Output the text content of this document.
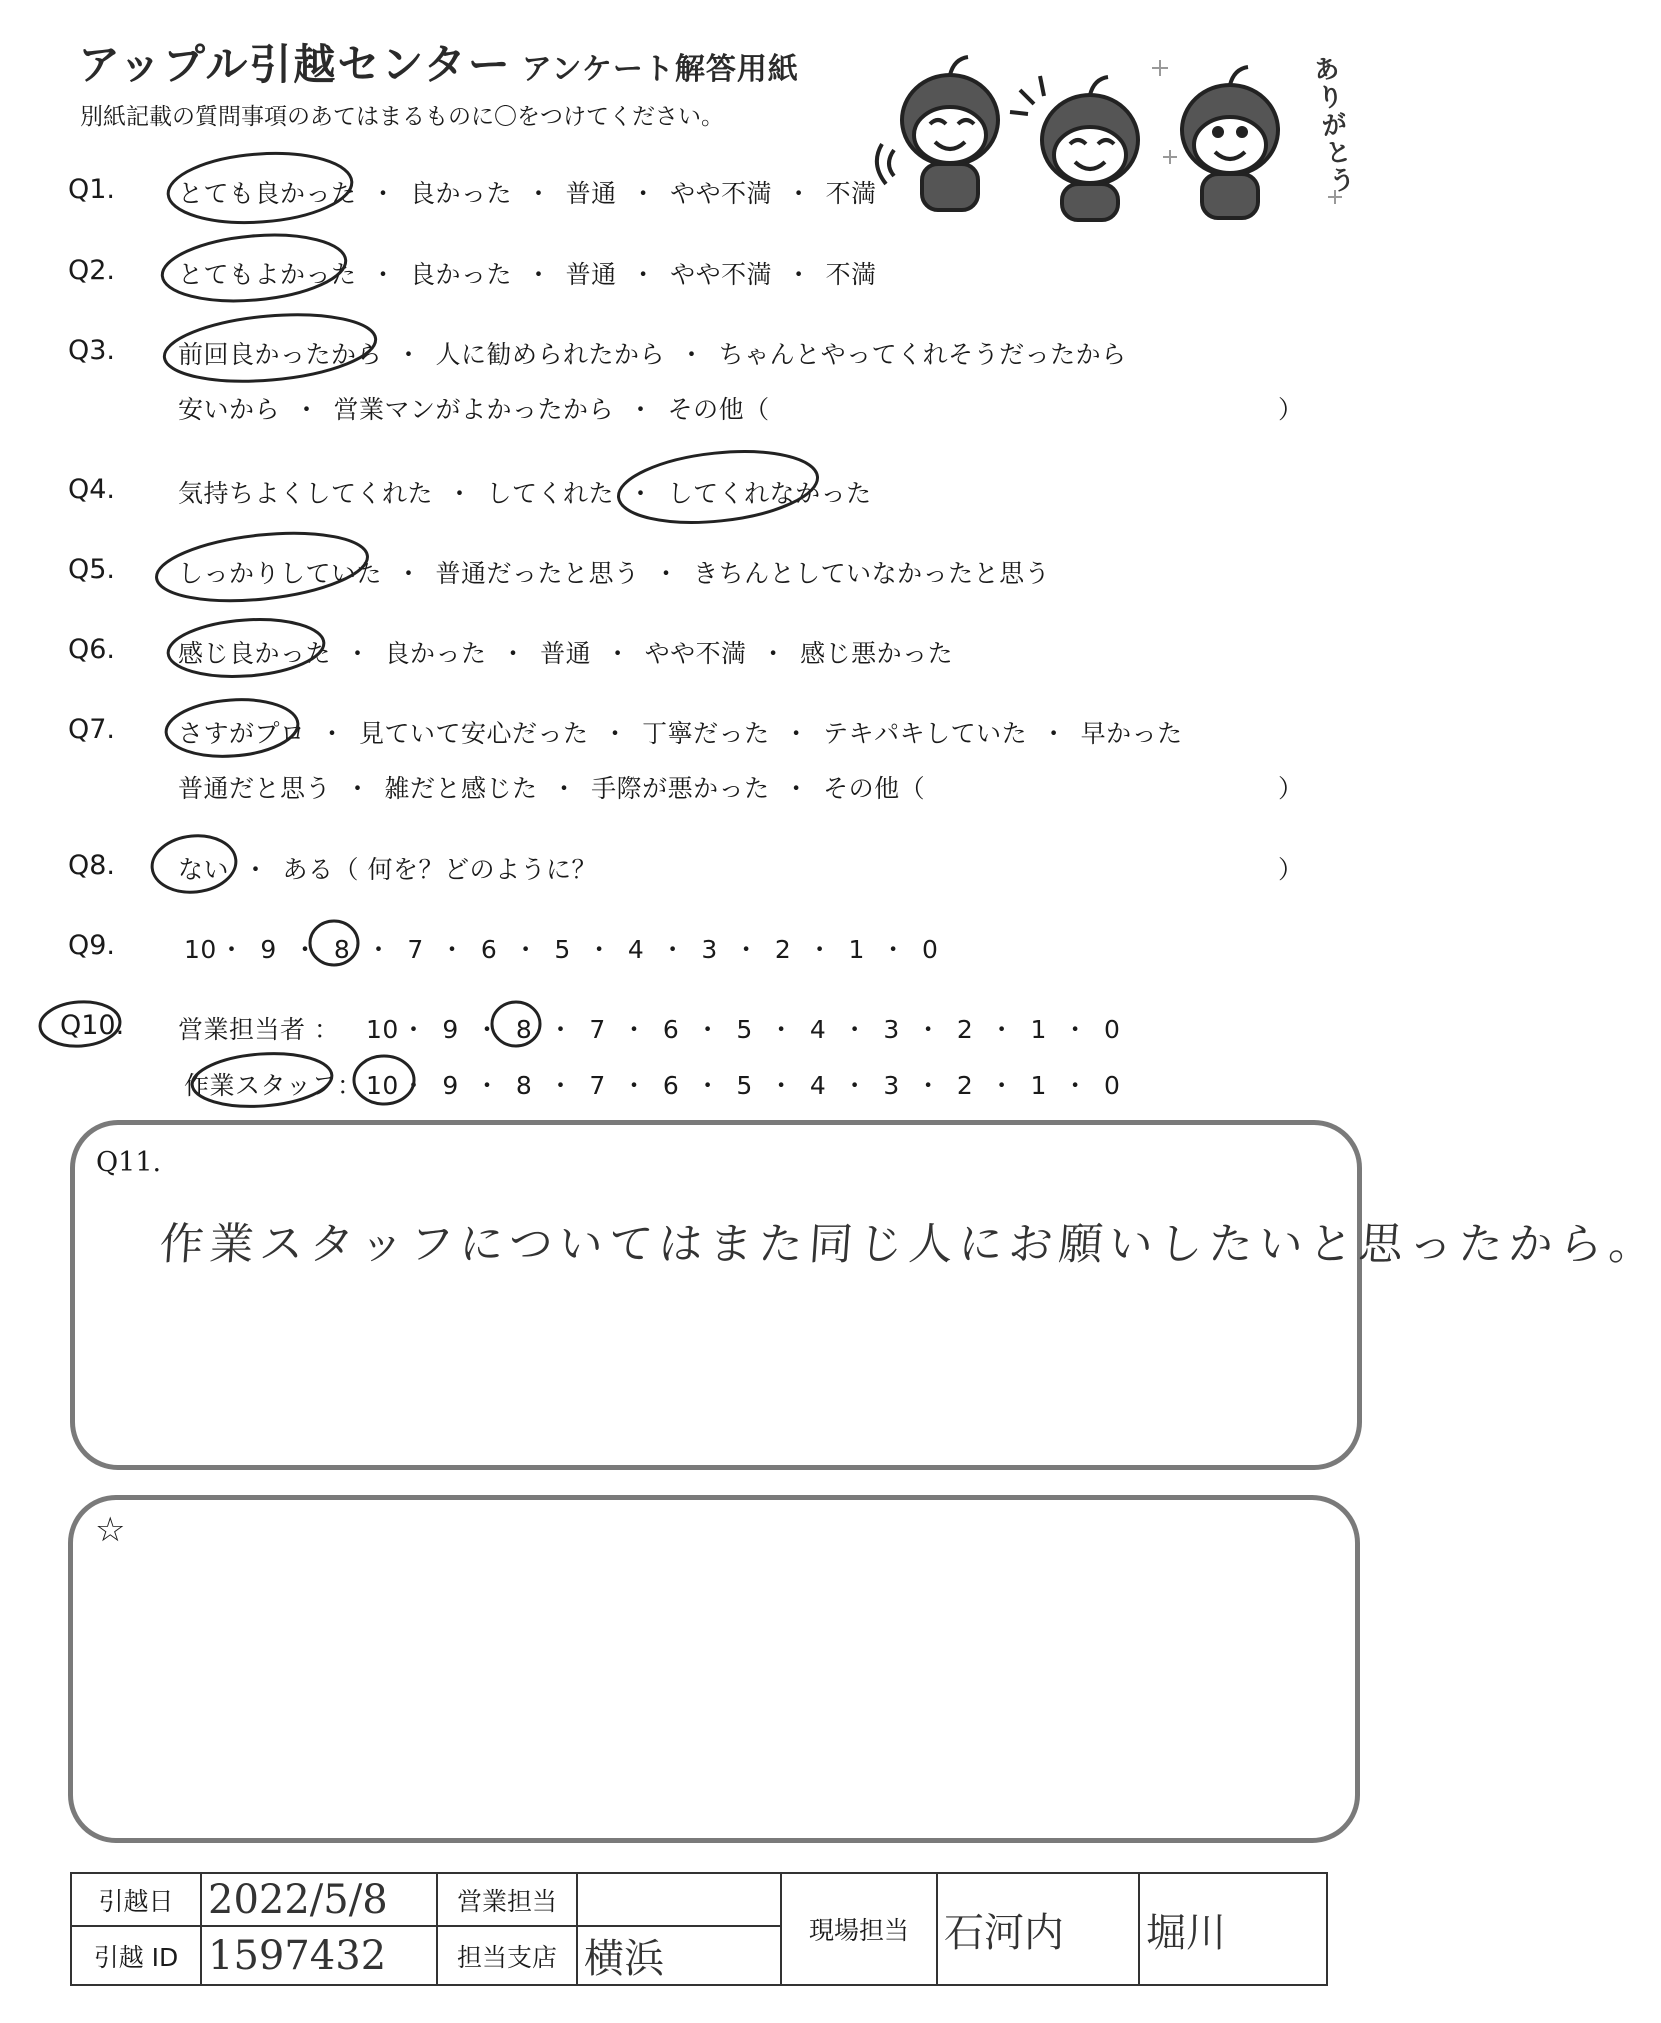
アップル引越センター アンケート解答用紙
別紙記載の質問事項のあてはまるものに〇をつけてください。	ありがとう
Q1.	とても良かった ・ 良かった ・ 普通 ・ やや不満 ・ 不満
Q2.	とてもよかった ・ 良かった ・ 普通 ・ やや不満 ・ 不満
Q3.	前回良かったから ・ 人に勧められたから ・ ちゃんとやってくれそうだったから
安いから ・ 営業マンがよかったから ・ その他（	）
Q4.	気持ちよくしてくれた ・ してくれた ・ してくれなかった
Q5.	しっかりしていた ・ 普通だったと思う ・ きちんとしていなかったと思う
Q6.	感じ良かった ・ 良かった ・ 普通 ・ やや不満 ・ 感じ悪かった
Q7.	さすがプロ ・ 見ていて安心だった ・ 丁寧だった ・ テキパキしていた ・ 早かった
普通だと思う ・ 雑だと感じた ・ 手際が悪かった ・ その他（	）
Q8.	ない ・ ある（ 何を？どのように？	）
Q9.	10・ 9 ・ 8 ・ 7 ・ 6 ・ 5 ・ 4 ・ 3 ・ 2 ・ 1 ・ 0
Q10. 営業担当者 ： 10・ 9 ・ 8 ・ 7 ・ 6 ・ 5 ・ 4 ・ 3 ・ 2 ・ 1 ・ 0
作業スタッフ： 10・ 9 ・ 8 ・ 7 ・ 6 ・ 5 ・ 4 ・ 3 ・ 2 ・ 1 ・ 0
Q11.
作業スタッフについてはまた同じ人にお願いしたいと思ったから。
☆
引越日	2022/5/8	営業担当		現場担当	石河内	堀川
引越 ID	1597432	担当支店	横浜			
